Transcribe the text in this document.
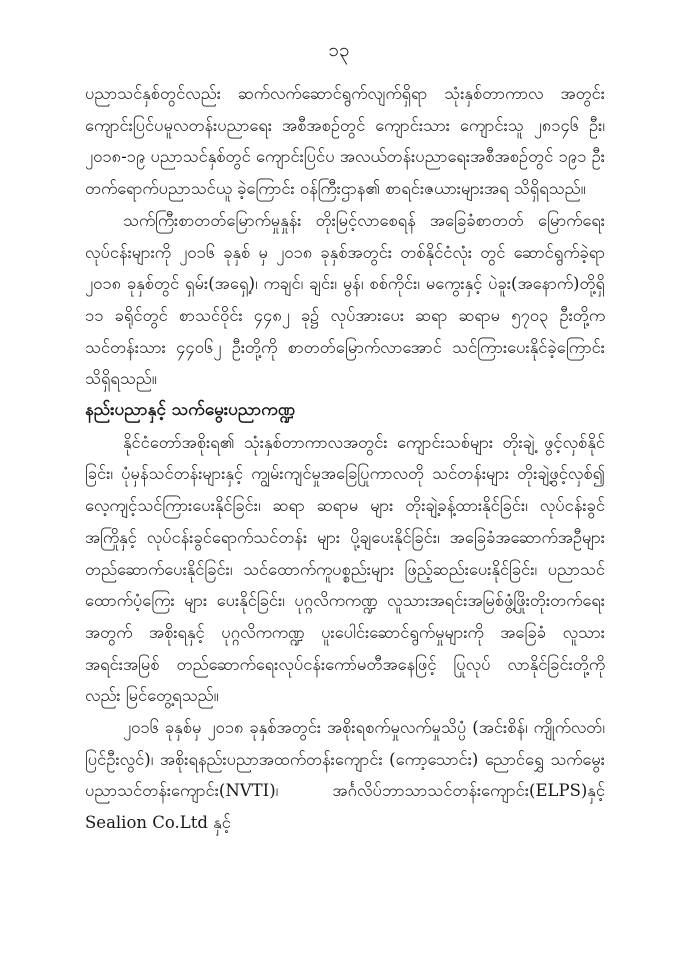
၁၃

ပညာသင်နှစ်တွင်လည်း ဆက်လက်ဆောင်ရွက်လျက်ရှိရာ သုံးနှစ်တာကာလ အတွင်း ကျောင်းပြင်ပမူလတန်းပညာရေး အစီအစဉ်တွင် ကျောင်းသား ကျောင်းသူ ၂၈၁၄၆ ဦး၊ ၂၀၁၈-၁၉ ပညာသင်နှစ်တွင် ကျောင်းပြင်ပ အလယ်တန်းပညာရေးအစီအစဉ်တွင် ၁၉၁ ဦး တက်ရောက်ပညာသင်ယူ ခဲ့ကြောင်း ဝန်ကြီးဌာန၏ စာရင်းဇယားများအရ သိရှိရသည်။

သက်ကြီးစာတတ်မြောက်မှုနှုန်း တိုးမြင့်လာစေရန် အခြေခံစာတတ် မြောက်ရေးလုပ်ငန်းများကို ၂၀၁၆ ခုနှစ် မှ ၂၀၁၈ ခုနှစ်အတွင်း တစ်နိုင်ငံလုံး တွင် ဆောင်ရွက်ခဲ့ရာ ၂၀၁၈ ခုနှစ်တွင် ရှမ်း(အရှေ့)၊ ကချင်၊ ချင်း၊ မွန်၊ စစ်ကိုင်း၊ မကွေးနှင့် ပဲခူး(အနောက်)တို့ရှိ ၁၁ ခရိုင်တွင် စာသင်ဝိုင်း ၄၄၈၂ ခု၌ လုပ်အားပေး ဆရာ ဆရာမ ၅၇၀၃ ဦးတို့က သင်တန်းသား ၄၄၀၆၂ ဦးတို့ကို စာတတ်မြောက်လာအောင် သင်ကြားပေးနိုင်ခဲ့ကြောင်း သိရှိရသည်။

နည်းပညာနှင့် သက်မွေးပညာကဏ္ဍ

နိုင်ငံတော်အစိုးရ၏ သုံးနှစ်တာကာလအတွင်း ကျောင်းသစ်များ တိုးချဲ့ ဖွင့်လှစ်နိုင်ခြင်း၊ ပုံမှန်သင်တန်းများနှင့် ကျွမ်းကျင်မှုအခြေပြုကာလတို သင်တန်းများ တိုးချဲ့ဖွင့်လှစ်၍ လေ့ကျင့်သင်ကြားပေးနိုင်ခြင်း၊ ဆရာ ဆရာမ များ တိုးချဲ့ခန့်ထားနိုင်ခြင်း၊ လုပ်ငန်းခွင်အကြိုနှင့် လုပ်ငန်းခွင်ရောက်သင်တန်း များ ပို့ချပေးနိုင်ခြင်း၊ အခြေခံအဆောက်အဦများ တည်ဆောက်ပေးနိုင်ခြင်း၊ သင်ထောက်ကူပစ္စည်းများ ဖြည့်ဆည်းပေးနိုင်ခြင်း၊ ပညာသင်ထောက်ပံ့ကြေး များ ပေးနိုင်ခြင်း၊ ပုဂ္ဂလိကကဏ္ဍ လူသားအရင်းအမြစ်ဖွံ့ဖြိုးတိုးတက်ရေး အတွက် အစိုးရနှင့် ပုဂ္ဂလိကကဏ္ဍ ပူးပေါင်းဆောင်ရွက်မှုများကို အခြေခံ လူသားအရင်းအမြစ် တည်ဆောက်ရေးလုပ်ငန်းကော်မတီအနေဖြင့် ပြုလုပ် လာနိုင်ခြင်းတို့ကိုလည်း မြင်တွေ့ရသည်။

၂၀၁၆ ခုနှစ်မှ ၂၀၁၈ ခုနှစ်အတွင်း အစိုးရစက်မှုလက်မှုသိပ္ပံ (အင်းစိန်၊ ကျိုက်လတ်၊ ပြင်ဦးလွင်)၊ အစိုးရနည်းပညာအထက်တန်းကျောင်း (ကော့သောင်း) ညောင်ရွှေ သက်မွေးပညာသင်တန်းကျောင်း(NVTI)၊ အင်္ဂလိပ်ဘာသာသင်တန်းကျောင်း(ELPS)နှင့် Sealion Co.Ltd နှင့်
